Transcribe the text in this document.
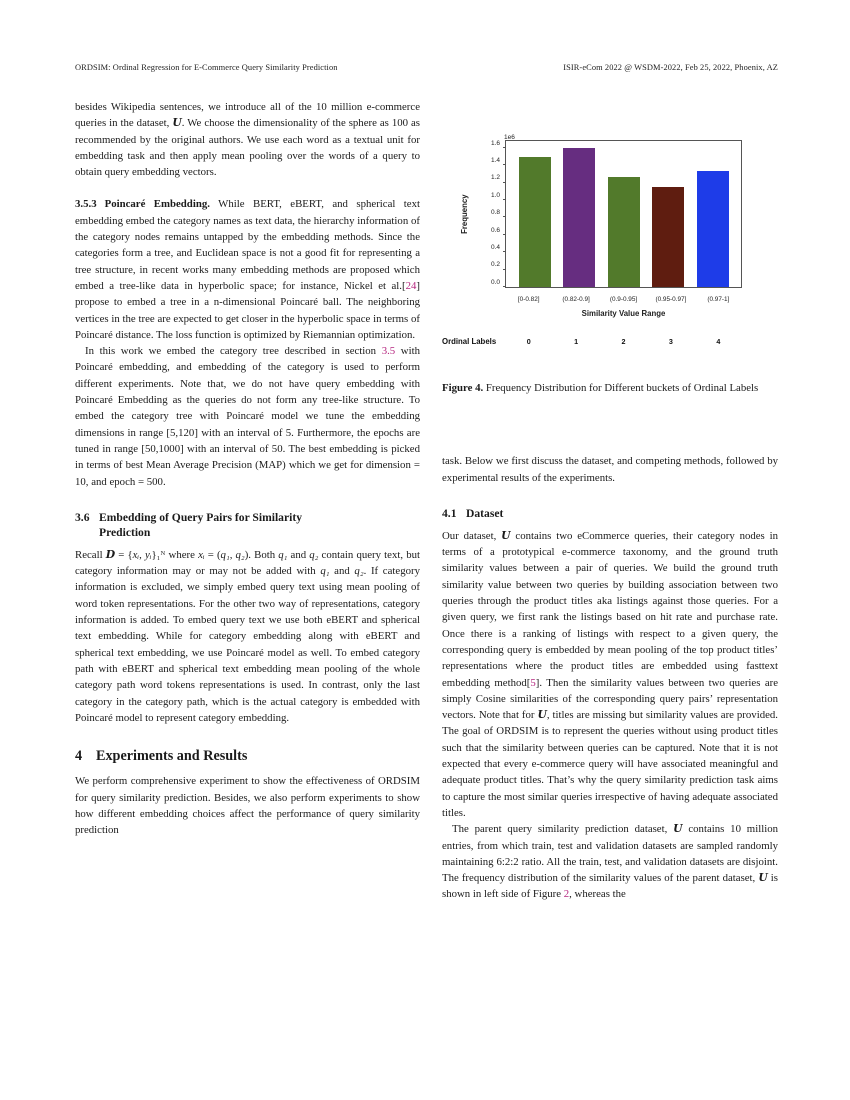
ORDSIM: Ordinal Regression for E-Commerce Query Similarity Prediction	ISIR-eCom 2022 @ WSDM-2022, Feb 25, 2022, Phoenix, AZ

besides Wikipedia sentences, we introduce all of the 10 million e-commerce queries in the dataset, U. We choose the dimensionality of the sphere as 100 as recommended by the original authors. We use each word as a textual unit for embedding task and then apply mean pooling over the words of a query to obtain query embedding vectors.

3.5.3 Poincaré Embedding. While BERT, eBERT, and spherical text embedding embed the category names as text data, the hierarchy information of the category nodes remains untapped by the embedding methods. Since the categories form a tree, and Euclidean space is not a good fit for representing a tree structure, in recent works many embedding methods are proposed which embed a tree-like data in hyperbolic space; for instance, Nickel et al.[24] propose to embed a tree in a n-dimensional Poincaré ball. The neighboring vertices in the tree are expected to get closer in the hyperbolic space in terms of Poincaré distance. The loss function is optimized by Riemannian optimization.

In this work we embed the category tree described in section 3.5 with Poincaré embedding, and embedding of the category is used to perform different experiments. Note that, we do not have query embedding with Poincaré Embedding as the queries do not form any tree-like structure. To embed the category tree with Poincaré model we tune the embedding dimensions in range [5,120] with an interval of 5. Furthermore, the epochs are tuned in range [50,1000] with an interval of 50. The best embedding is picked in terms of best Mean Average Precision (MAP) which we get for dimension = 10, and epoch = 500.

3.6 Embedding of Query Pairs for Similarity
Prediction

Recall D = {xᵢ, yᵢ}₁ᴺ where xᵢ = (q₁, q₂). Both q₁ and q₂ contain query text, but category information may or may not be added with q₁ and q₂. If category information is excluded, we simply embed query text using mean pooling of word token representations. For the other two way of representations, category information is added. To embed query text we use both eBERT and spherical text embedding. While for category embedding along with eBERT and spherical text embedding, we use Poincaré model as well. To embed category path with eBERT and spherical text embedding mean pooling of the whole category path word tokens representations is used. In contrast, only the last category in the category path, which is the actual category is embedded with Poincaré model to represent category embedding.

4 Experiments and Results

We perform comprehensive experiment to show the effectiveness of ORDSIM for query similarity prediction. Besides, we also perform experiments to show how different embedding choices affect the performance of query similarity prediction

Frequency
1e6
0.0
0.2
0.4
0.6
0.8
1.0
1.2
1.4
1.6
[0-0.82]	(0.82-0.9]	(0.9-0.95]	(0.95-0.97]	(0.97-1]
Similarity Value Range
Ordinal Labels	0	1	2	3	4
Figure 4. Frequency Distribution for Different buckets of Ordinal Labels

task. Below we first discuss the dataset, and competing methods, followed by experimental results of the experiments.

4.1 Dataset

Our dataset, U contains two eCommerce queries, their category nodes in terms of a prototypical e-commerce taxonomy, and the ground truth similarity values between a pair of queries. We build the ground truth similarity value between two queries by building association between two queries through the product titles aka listings against those queries. For a given query, we first rank the listings based on hit rate and purchase rate. Once there is a ranking of listings with respect to a given query, the corresponding query is embedded by mean pooling of the top product titles’ representations where the product titles are embedded using fasttext embedding method[5]. Then the similarity values between two queries are simply Cosine similarities of the corresponding query pairs’ representation vectors. Note that for U, titles are missing but similarity values are provided. The goal of ORDSIM is to represent the queries without using product titles such that the similarity between queries can be captured. Note that it is not expected that every e-commerce query will have associated meaningful and adequate product titles. That’s why the query similarity prediction task aims to capture the most similar queries irrespective of having adequate associated titles.

The parent query similarity prediction dataset, U contains 10 million entries, from which train, test and validation datasets are sampled randomly maintaining 6:2:2 ratio. All the train, test, and validation datasets are disjoint. The frequency distribution of the similarity values of the parent dataset, U is shown in left side of Figure 2, whereas the
